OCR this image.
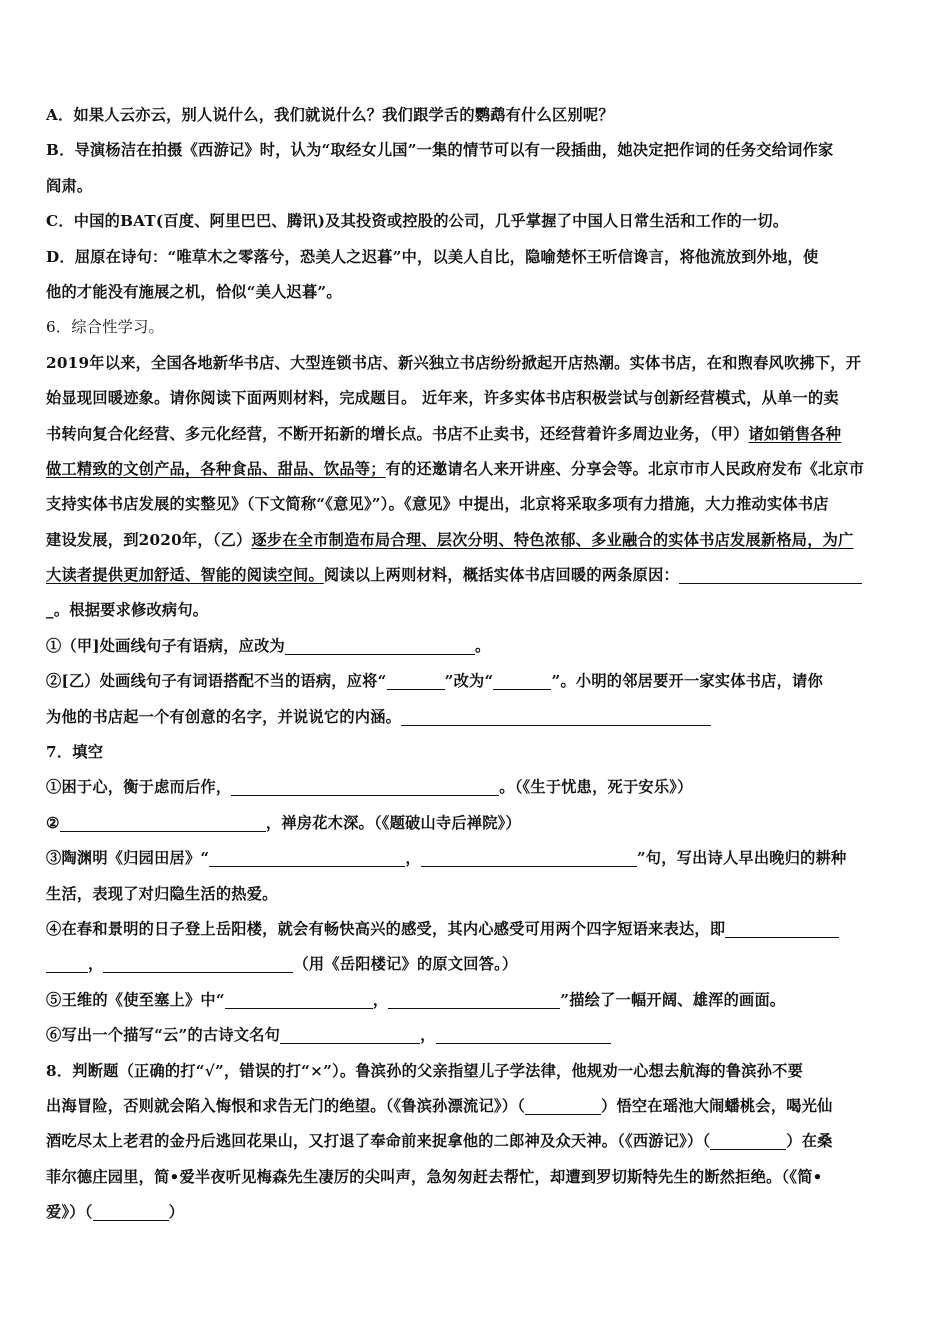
A．如果人云亦云，别人说什么，我们就说什么？我们跟学舌的鹦鹉有什么区别呢？
B．导演杨洁在拍摄《西游记》时，认为“取经女儿国”一集的情节可以有一段插曲，她决定把作词的任务交给词作家
阎肃。
C．中国的BAT(百度、阿里巴巴、腾讯)及其投资或控股的公司，几乎掌握了中国人日常生活和工作的一切。
D．屈原在诗句：“唯草木之零落兮，恐美人之迟暮”中，以美人自比，隐喻楚怀王听信谗言，将他流放到外地，使
他的才能没有施展之机，恰似“美人迟暮”。
6．综合性学习。
2019年以来，全国各地新华书店、大型连锁书店、新兴独立书店纷纷掀起开店热潮。实体书店，在和煦春风吹拂下，开
始显现回暖迹象。请你阅读下面两则材料，完成题目。 近年来，许多实体书店积极尝试与创新经营模式，从单一的卖
书转向复合化经营、多元化经营，不断开拓新的增长点。书店不止卖书，还经营着许多周边业务，（甲）诸如销售各种
做工精致的文创产品，各种食品、甜品、饮品等；有的还邀请名人来开讲座、分享会等。北京市市人民政府发布《北京市
支持实体书店发展的实整见》（下文简称“《意见》”）。《意见》中提出，北京将采取多项有力措施，大力推动实体书店
建设发展，到2020年，（乙）逐步在全市制造布局合理、层次分明、特色浓郁、多业融合的实体书店发展新格局，为广
大读者提供更加舒适、智能的阅读空间。阅读以上两则材料，概括实体书店回暖的两条原因：
_。根据要求修改病句。
①（甲]处画线句子有语病，应改为	。
②[乙）处画线句子有词语搭配不当的语病，应将“	”改为“	”。小明的邻居要开一家实体书店，请你
为他的书店起一个有创意的名字，并说说它的内涵。
7．填空
①困于心，衡于虑而后作，	。（《生于忧患，死于安乐》）
②	，禅房花木深。（《题破山寺后禅院》）
③陶渊明《归园田居》“	，	”句，写出诗人早出晚归的耕种
生活，表现了对归隐生活的热爱。
④在春和景明的日子登上岳阳楼，就会有畅快高兴的感受，其内心感受可用两个四字短语来表达，即
，	（用《岳阳楼记》的原文回答。）
⑤王维的《使至塞上》中“	，	”描绘了一幅开阔、雄浑的画面。
⑥写出一个描写“云”的古诗文名句	，
8．判断题（正确的打“√”，错误的打“×”）。鲁滨孙的父亲指望儿子学法律，他规劝一心想去航海的鲁滨孙不要
出海冒险，否则就会陷入悔恨和求告无门的绝望。（《鲁滨孙漂流记》）（	）悟空在瑶池大闹蟠桃会，喝光仙
酒吃尽太上老君的金丹后逃回花果山，又打退了奉命前来捉拿他的二郎神及众天神。（《西游记》）（	）在桑
菲尔德庄园里，简•爱半夜听见梅森先生凄厉的尖叫声，急匆匆赶去帮忙，却遭到罗切斯特先生的断然拒绝。（《简•
爱》）（	）
